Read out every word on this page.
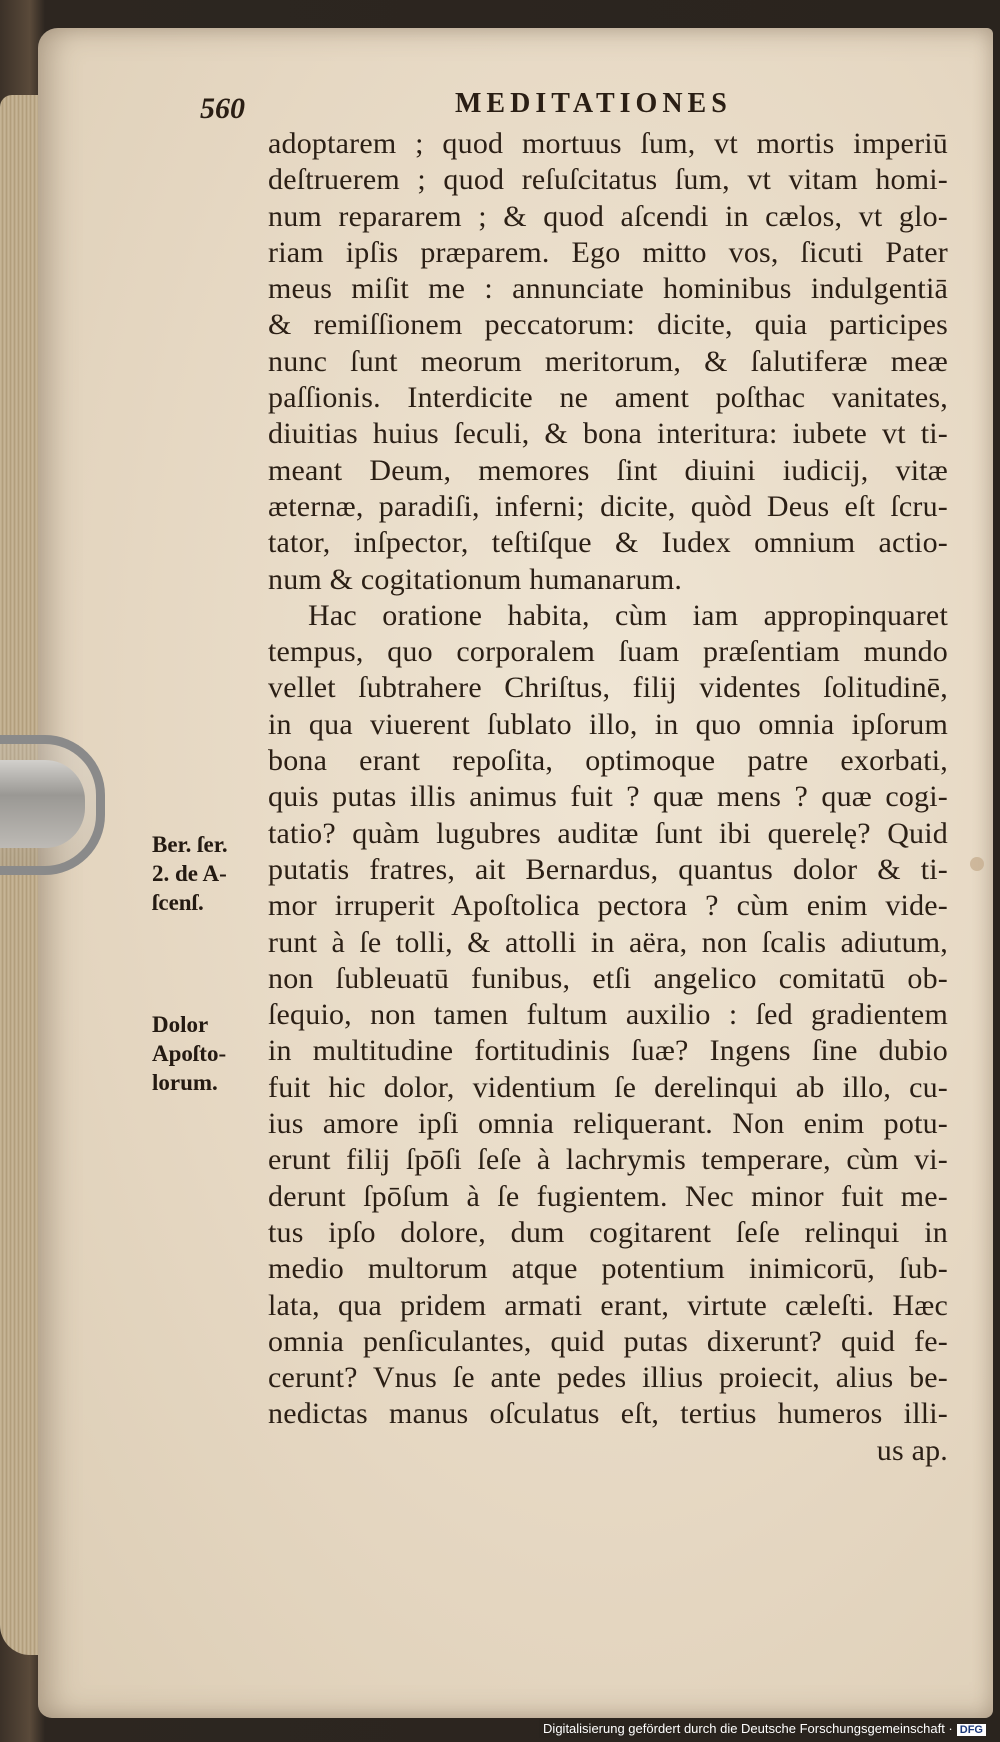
560	MEDITATIONES
adoptarem ; quod mortuus ſum, vt mortis imperiū
deſtruerem ; quod reſuſcitatus ſum, vt vitam homi-
num repararem ; & quod aſcendi in cælos, vt glo-
riam ipſis præparem. Ego mitto vos, ſicuti Pater
meus miſit me : annunciate hominibus indulgentiā
& remiſſionem peccatorum: dicite, quia participes
nunc ſunt meorum meritorum, & ſalutiferæ meæ
paſſionis. Interdicite ne ament poſthac vanitates,
diuitias huius ſeculi, & bona interitura: iubete vt ti-
meant Deum, memores ſint diuini iudicij, vitæ
æternæ, paradiſi, inferni; dicite, quòd Deus eſt ſcru-
tator, inſpector, teſtiſque & Iudex omnium actio-
num & cogitationum humanarum.
Hac oratione habita, cùm iam appropinquaret
tempus, quo corporalem ſuam præſentiam mundo
vellet ſubtrahere Chriſtus, filij videntes ſolitudinē,
in qua viuerent ſublato illo, in quo omnia ipſorum
bona erant repoſita, optimoque patre exorbati,
quis putas illis animus fuit ? quæ mens ? quæ cogi-
tatio? quàm lugubres auditæ ſunt ibi querelę? Quid
putatis fratres, ait Bernardus, quantus dolor & ti-
mor irruperit Apoſtolica pectora ? cùm enim vide-
runt à ſe tolli, & attolli in aëra, non ſcalis adiutum,
non ſubleuatū funibus, etſi angelico comitatū ob-
ſequio, non tamen fultum auxilio : ſed gradientem
in multitudine fortitudinis ſuæ? Ingens ſine dubio
fuit hic dolor, videntium ſe derelinqui ab illo, cu-
ius amore ipſi omnia reliquerant. Non enim potu-
erunt filij ſpōſi ſeſe à lachrymis temperare, cùm vi-
derunt ſpōſum à ſe fugientem. Nec minor fuit me-
tus ipſo dolore, dum cogitarent ſeſe relinqui in
medio multorum atque potentium inimicorū, ſub-
lata, qua pridem armati erant, virtute cæleſti. Hæc
omnia penſiculantes, quid putas dixerunt? quid fe-
cerunt? Vnus ſe ante pedes illius proiecit, alius be-
nedictas manus oſculatus eſt, tertius humeros illi-
us ap.
Ber. ſer.
2. de A-
ſcenſ.
Dolor
Apoſto-
lorum.
Digitalisierung gefördert durch die Deutsche Forschungsgemeinschaft · DFG
